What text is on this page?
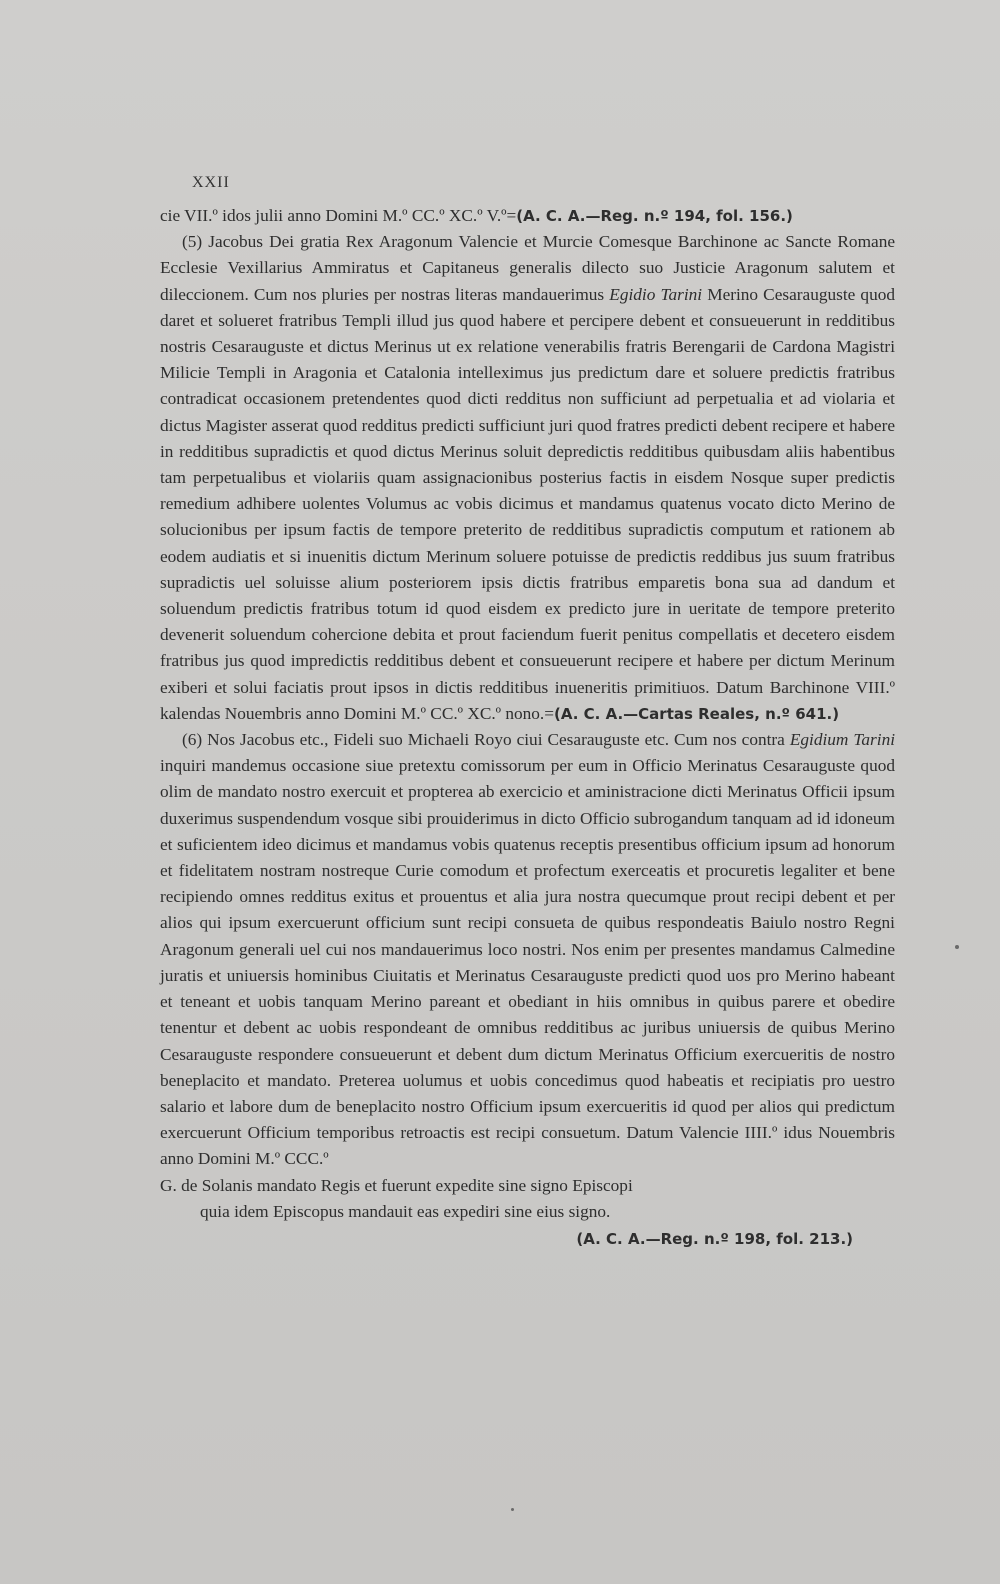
XXII

cie VII.º idos julii anno Domini M.º CC.º XC.º V.º=(A. C. A.—Reg. n.º 194, fol. 156.)

(5) Jacobus Dei gratia Rex Aragonum Valencie et Murcie Comesque Barchinone ac Sancte Romane Ecclesie Vexillarius Ammiratus et Capitaneus generalis dilecto suo Justicie Aragonum salutem et dileccionem. Cum nos pluries per nostras literas mandauerimus Egidio Tarini Merino Cesarauguste quod daret et solueret fratribus Templi illud jus quod habere et percipere debent et consueuerunt in redditibus nostris Cesarauguste et dictus Merinus ut ex relatione venerabilis fratris Berengarii de Cardona Magistri Milicie Templi in Aragonia et Catalonia intelleximus jus predictum dare et soluere predictis fratribus contradicat occasionem pretendentes quod dicti redditus non sufficiunt ad perpetualia et ad violaria et dictus Magister asserat quod redditus predicti sufficiunt juri quod fratres predicti debent recipere et habere in redditibus supradictis et quod dictus Merinus soluit depredictis redditibus quibusdam aliis habentibus tam perpetualibus et violariis quam assignacionibus posterius factis in eisdem Nosque super predictis remedium adhibere uolentes Volumus ac vobis dicimus et mandamus quatenus vocato dicto Merino de solucionibus per ipsum factis de tempore preterito de redditibus supradictis computum et rationem ab eodem audiatis et si inuenitis dictum Merinum soluere potuisse de predictis reddibus jus suum fratribus supradictis uel soluisse alium posteriorem ipsis dictis fratribus emparetis bona sua ad dandum et soluendum predictis fratribus totum id quod eisdem ex predicto jure in ueritate de tempore preterito devenerit soluendum cohercione debita et prout faciendum fuerit penitus compellatis et decetero eisdem fratribus jus quod impredictis redditibus debent et consueuerunt recipere et habere per dictum Merinum exiberi et solui faciatis prout ipsos in dictis redditibus inueneritis primitiuos. Datum Barchinone VIII.º kalendas Nouembris anno Domini M.º CC.º XC.º nono.=(A. C. A.—Cartas Reales, n.º 641.)

(6) Nos Jacobus etc., Fideli suo Michaeli Royo ciui Cesarauguste etc. Cum nos contra Egidium Tarini inquiri mandemus occasione siue pretextu comissorum per eum in Officio Merinatus Cesarauguste quod olim de mandato nostro exercuit et propterea ab exercicio et aministracione dicti Merinatus Officii ipsum duxerimus suspendendum vosque sibi prouiderimus in dicto Officio subrogandum tanquam ad id idoneum et suficientem ideo dicimus et mandamus vobis quatenus receptis presentibus officium ipsum ad honorum et fidelitatem nostram nostreque Curie comodum et profectum exerceatis et procuretis legaliter et bene recipiendo omnes redditus exitus et prouentus et alia jura nostra quecumque prout recipi debent et per alios qui ipsum exercuerunt officium sunt recipi consueta de quibus respondeatis Baiulo nostro Regni Aragonum generali uel cui nos mandauerimus loco nostri. Nos enim per presentes mandamus Calmedine juratis et uniuersis hominibus Ciuitatis et Merinatus Cesarauguste predicti quod uos pro Merino habeant et teneant et uobis tanquam Merino pareant et obediant in hiis omnibus in quibus parere et obedire tenentur et debent ac uobis respondeant de omnibus redditibus ac juribus uniuersis de quibus Merino Cesarauguste respondere consueuerunt et debent dum dictum Merinatus Officium exercueritis de nostro beneplacito et mandato. Preterea uolumus et uobis concedimus quod habeatis et recipiatis pro uestro salario et labore dum de beneplacito nostro Officium ipsum exercueritis id quod per alios qui predictum exercuerunt Officium temporibus retroactis est recipi consuetum. Datum Valencie IIII.º idus Nouembris anno Domini M.º CCC.º

G. de Solanis mandato Regis et fuerunt expedite sine signo Episcopi
quia idem Episcopus mandauit eas expediri sine eius signo.

(A. C. A.—Reg. n.º 198, fol. 213.)
